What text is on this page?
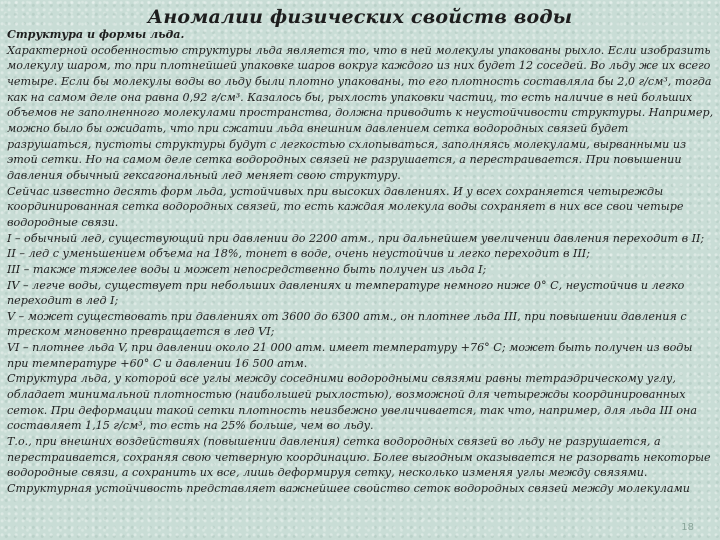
Аномалии физических свойств воды
Структура и формы льда.
Характерной особенностью структуры льда является то, что в ней молекулы упакованы рыхло. Если изобразить молекулу шаром, то при плотнейшей упаковке шаров вокруг каждого из них будет 12 соседей. Во льду же их всего четыре. Если бы молекулы воды во льду были плотно упакованы, то его плотность составляла бы 2,0 г/см³, тогда как на самом деле она равна 0,92 г/см³. Казалось бы, рыхлость упаковки частиц, то есть наличие в ней больших объемов не заполненного молекулами пространства, должна приводить к неустойчивости структуры. Например, можно было бы ожидать, что при сжатии льда внешним давлением сетка водородных связей будет разрушаться, пустоты структуры будут с легкостью схлопываться, заполняясь молекулами, вырванными из этой сетки. Но на самом деле сетка водородных связей не разрушается, а перестраивается. При повышении давления обычный гексагональный лед меняет свою структуру.
Сейчас известно десять форм льда, устойчивых при высоких давлениях. И у всех сохраняется четырежды координированная сетка водородных связей, то есть каждая молекула воды сохраняет в них все свои четыре водородные связи.
I – обычный лед, существующий при давлении до 2200 атм., при дальнейшем увеличении давления переходит в II;
II – лед с уменьшением объема на 18%, тонет в воде, очень неустойчив и легко переходит в III;
III – также тяжелее воды и может непосредственно быть получен из льда I;
IV – легче воды, существует при небольших давлениях и температуре немного ниже 0° С, неустойчив и легко переходит в лед I;
V – может существовать при давлениях от 3600 до 6300 атм., он плотнее льда III, при повышении давления с треском мгновенно превращается в лед VI;
VI – плотнее льда V, при давлении около 21 000 атм. имеет температуру +76° С; может быть получен из воды при температуре +60° С и давлении 16 500 атм.
Структура льда, у которой все углы между соседними водородными связями равны тетраэдрическому углу, обладает минимальной плотностью (наибольшей рыхлостью), возможной для четырежды координированных сеток. При деформации такой сетки плотность неизбежно увеличивается, так что, например, для льда III она составляет 1,15 г/см³, то есть на 25% больше, чем во льду.
Т.о., при внешних воздействиях (повышении давления) сетка водородных связей во льду не разрушается, а перестраивается, сохраняя свою четверную координацию. Более выгодным оказывается не разорвать некоторые водородные связи, а сохранить их все, лишь деформируя сетку, несколько изменяя углы между связями.
Структурная устойчивость представляет важнейшее свойство сеток водородных связей между молекулами
18
